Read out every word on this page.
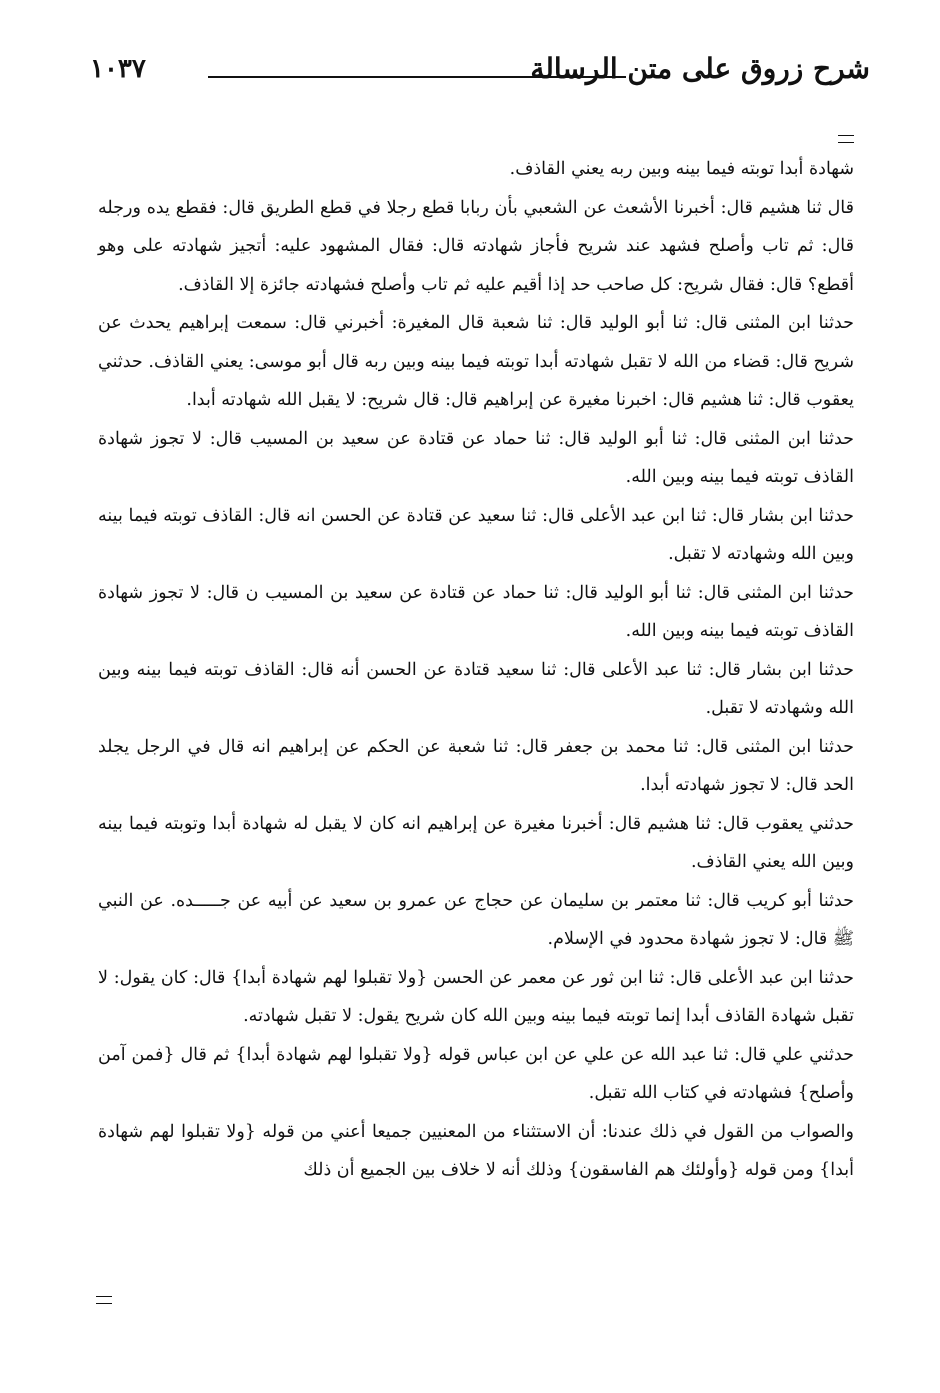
شرح زروق على متن الرسالة
١٠٣٧

شهادة أبدا توبته فيما بينه وبين ربه يعني القاذف.

قال ثنا هشيم قال: أخبرنا الأشعث عن الشعبي بأن ربابا قطع رجلا في قطع الطريق قال: فقطع يده ورجله قال: ثم تاب وأصلح فشهد عند شريح فأجاز شهادته قال: فقال المشهود عليه: أتجيز شهادته على وهو أقطع؟ قال: فقال شريح: كل صاحب حد إذا أقيم عليه ثم تاب وأصلح فشهادته جائزة إلا القاذف.

حدثنا ابن المثنى قال: ثنا أبو الوليد قال: ثنا شعبة قال المغيرة: أخبرني قال: سمعت إبراهيم يحدث عن شريح قال: قضاء من الله لا تقبل شهادته أبدا توبته فيما بينه وبين ربه قال أبو موسى: يعني القاذف. حدثني يعقوب قال: ثنا هشيم قال: اخبرنا مغيرة عن إبراهيم قال: قال شريح: لا يقبل الله شهادته أبدا.

حدثنا ابن المثنى قال: ثنا أبو الوليد قال: ثنا حماد عن قتادة عن سعيد بن المسيب قال: لا تجوز شهادة القاذف توبته فيما بينه وبين الله.

حدثنا ابن بشار قال: ثنا ابن عبد الأعلى قال: ثنا سعيد عن قتادة عن الحسن انه قال: القاذف توبته فيما بينه وبين الله وشهادته لا تقبل.

حدثنا ابن المثنى قال: ثنا أبو الوليد قال: ثنا حماد عن قتادة عن سعيد بن المسيب ن قال: لا تجوز شهادة القاذف توبته فيما بينه وبين الله.

حدثنا ابن بشار قال: ثنا عبد الأعلى قال: ثنا سعيد قتادة عن الحسن أنه قال: القاذف توبته فيما بينه وبين الله وشهادته لا تقبل.

حدثنا ابن المثنى قال: ثنا محمد بن جعفر قال: ثنا شعبة عن الحكم عن إبراهيم انه قال في الرجل يجلد الحد قال: لا تجوز شهادته أبدا.

حدثني يعقوب قال: ثنا هشيم قال: أخبرنا مغيرة عن إبراهيم انه كان لا يقبل له شهادة أبدا وتوبته فيما بينه وبين الله يعني القاذف.

حدثنا أبو كريب قال: ثنا معتمر بن سليمان عن حجاج عن عمرو بن سعيد عن أبيه عن جـــــده. عن النبي ﷺ قال: لا تجوز شهادة محدود في الإسلام.

حدثنا ابن عبد الأعلى قال: ثنا ابن ثور عن معمر عن الحسن {ولا تقبلوا لهم شهادة أبدا} قال: كان يقول: لا تقبل شهادة القاذف أبدا إنما توبته فيما بينه وبين الله كان شريح يقول: لا تقبل شهادته.

حدثني علي قال: ثنا عبد الله عن علي عن ابن عباس قوله {ولا تقبلوا لهم شهادة أبدا} ثم قال {فمن آمن وأصلح} فشهادته في كتاب الله تقبل.

والصواب من القول في ذلك عندنا: أن الاستثناء من المعنيين جميعا أعني من قوله {ولا تقبلوا لهم شهادة أبدا} ومن قوله {وأولئك هم الفاسقون} وذلك أنه لا خلاف بين الجميع أن ذلك
